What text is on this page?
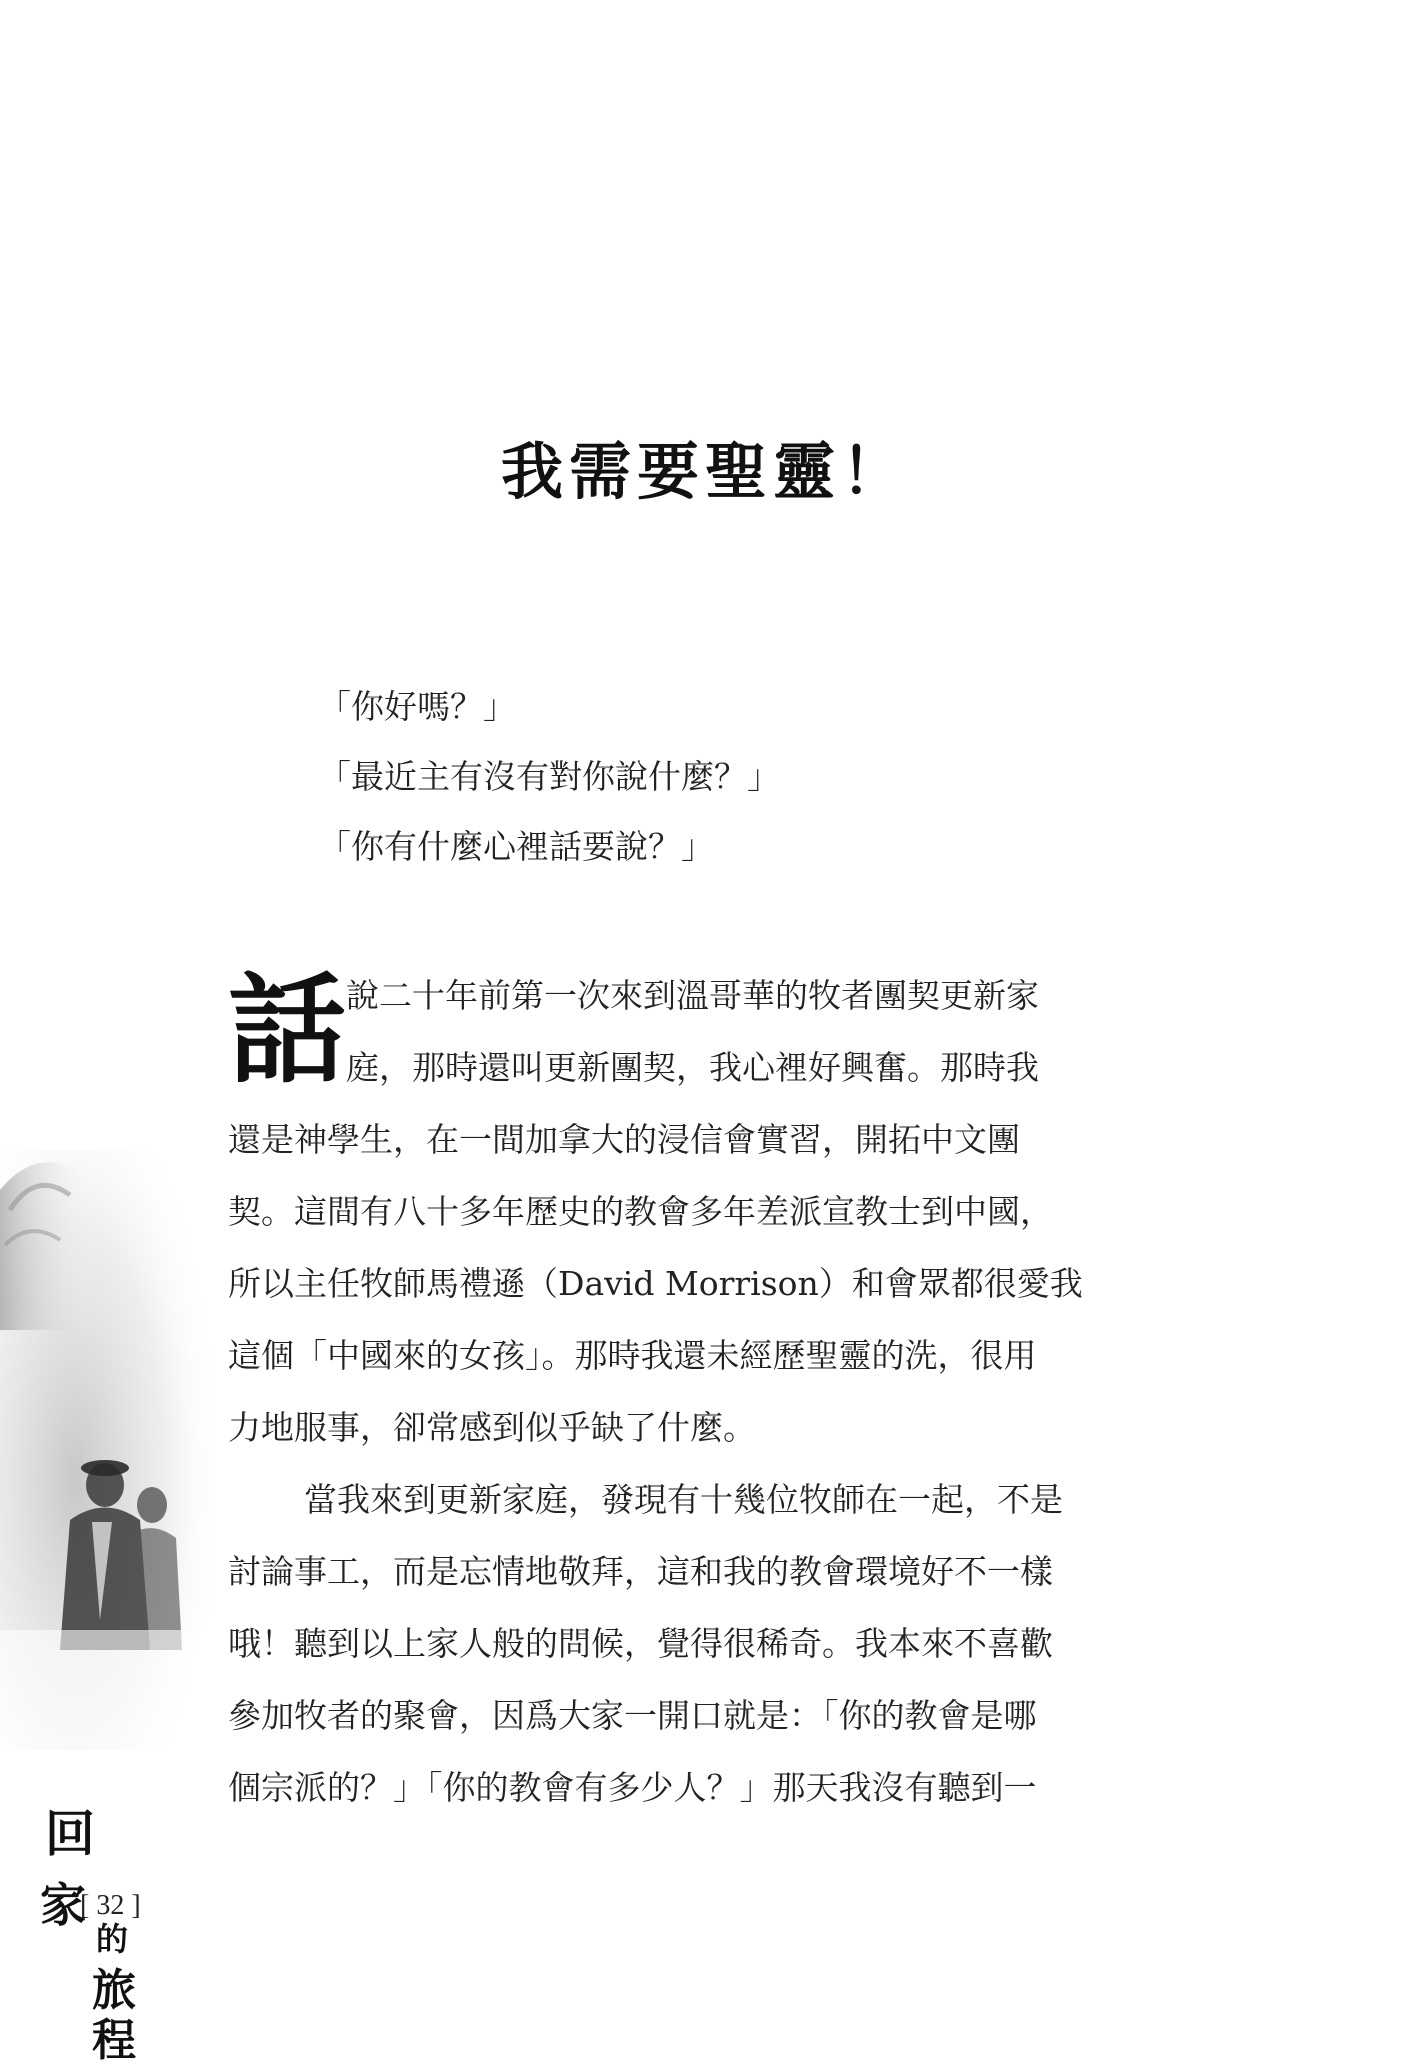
我需要聖靈！
「你好嗎？」
「最近主有沒有對你說什麼？」
「你有什麼心裡話要說？」
話 說二十年前第一次來到溫哥華的牧者團契更新家
庭，那時還叫更新團契，我心裡好興奮。那時我
還是神學生，在一間加拿大的浸信會實習，開拓中文團
契。這間有八十多年歷史的教會多年差派宣教士到中國，
所以主任牧師馬禮遜（David Morrison）和會眾都很愛我
這個「中國來的女孩」。那時我還未經歷聖靈的洗，很用
力地服事，卻常感到似乎缺了什麼。
當我來到更新家庭，發現有十幾位牧師在一起，不是
討論事工，而是忘情地敬拜，這和我的教會環境好不一樣
哦！聽到以上家人般的問候，覺得很稀奇。我本來不喜歡
參加牧者的聚會，因爲大家一開口就是：「你的教會是哪
個宗派的？」「你的教會有多少人？」那天我沒有聽到一
回
家
的
旅
程
[ 32 ]
